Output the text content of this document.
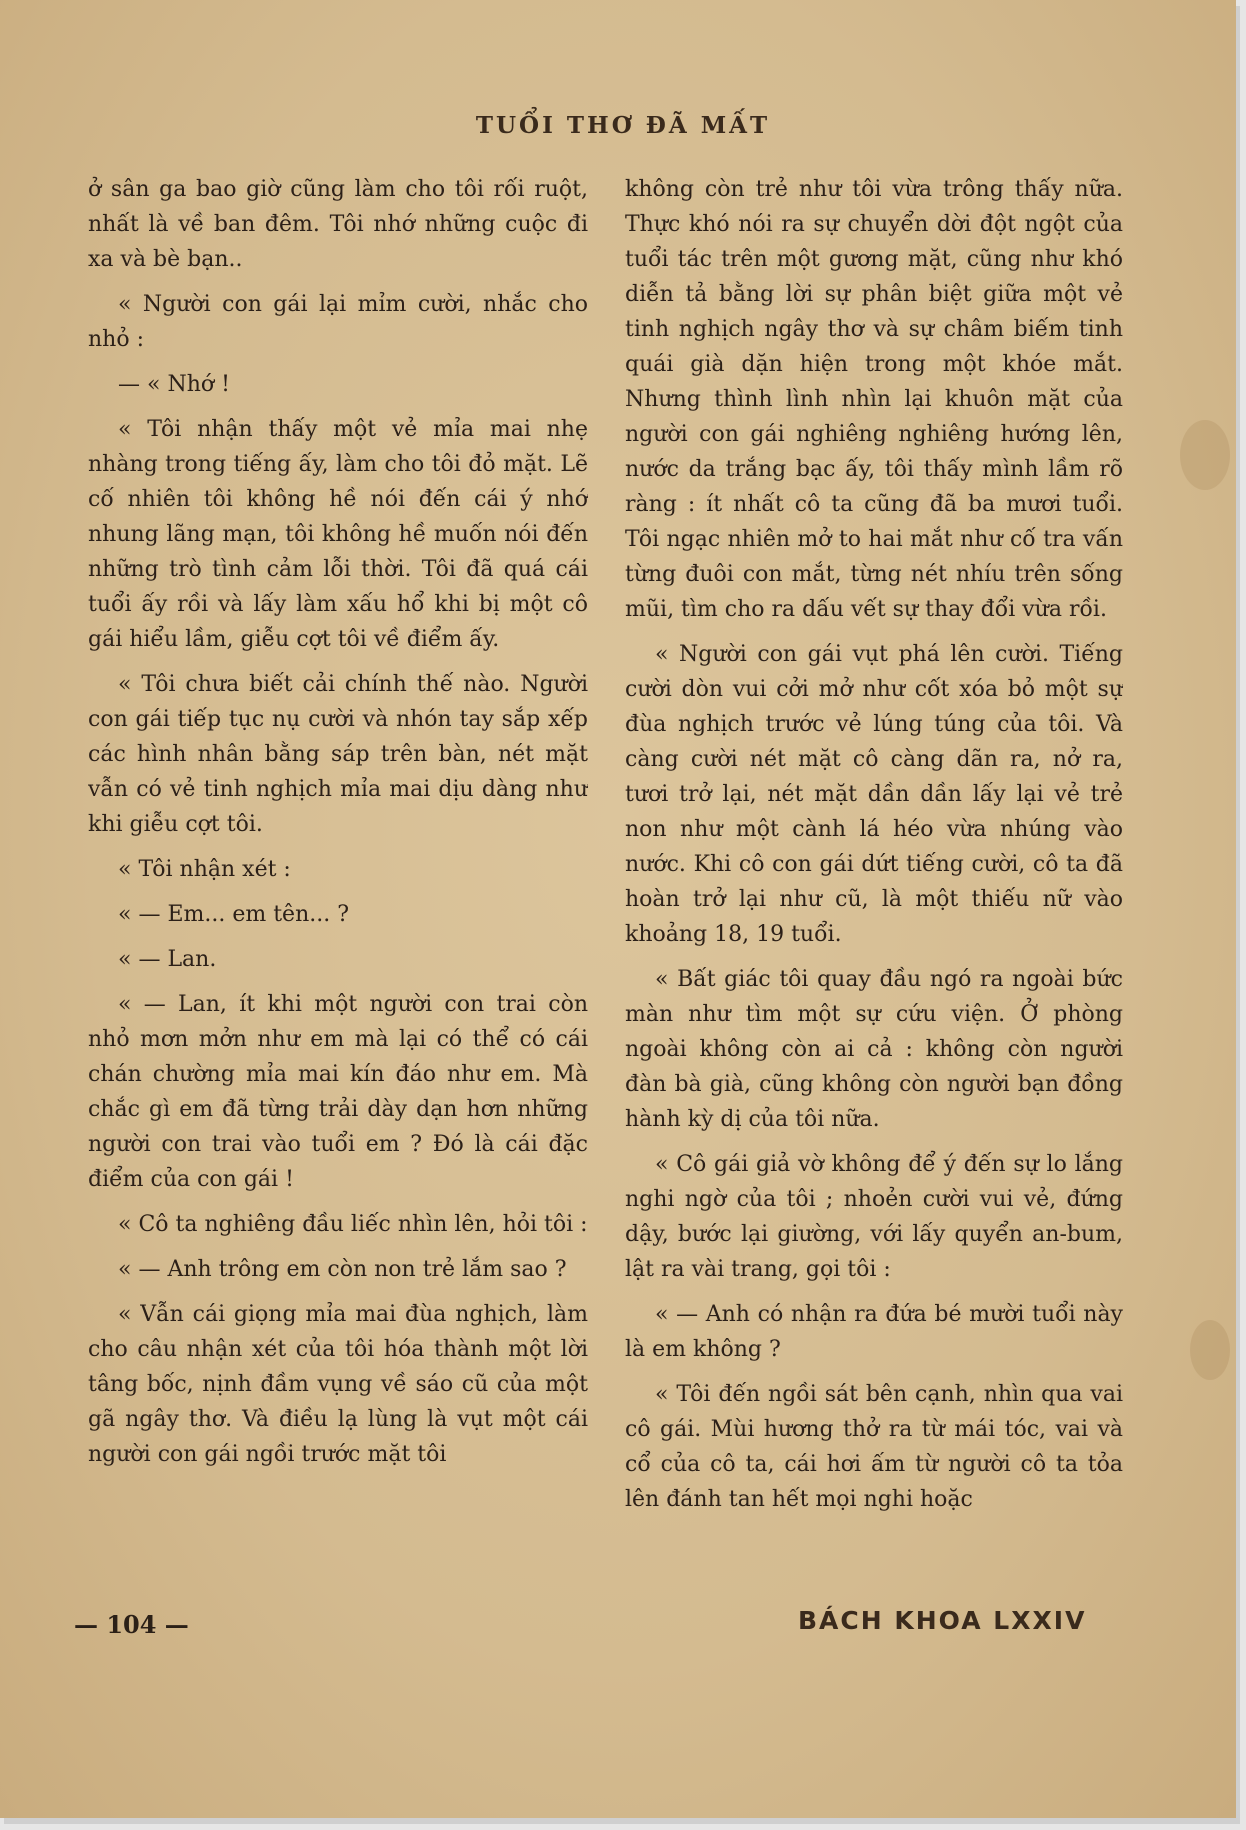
TUỔI THƠ ĐÃ MẤT

ở sân ga bao giờ cũng làm cho tôi rối ruột, nhất là về ban đêm. Tôi nhớ những cuộc đi xa và bè bạn..

« Người con gái lại mỉm cười, nhắc cho nhỏ :

— « Nhớ !

« Tôi nhận thấy một vẻ mỉa mai nhẹ nhàng trong tiếng ấy, làm cho tôi đỏ mặt. Lẽ cố nhiên tôi không hề nói đến cái ý nhớ nhung lãng mạn, tôi không hề muốn nói đến những trò tình cảm lỗi thời. Tôi đã quá cái tuổi ấy rồi và lấy làm xấu hổ khi bị một cô gái hiểu lầm, giễu cợt tôi về điểm ấy.

« Tôi chưa biết cải chính thế nào. Người con gái tiếp tục nụ cười và nhón tay sắp xếp các hình nhân bằng sáp trên bàn, nét mặt vẫn có vẻ tinh nghịch mỉa mai dịu dàng như khi giễu cợt tôi.

« Tôi nhận xét :

« — Em... em tên... ?

« — Lan.

« — Lan, ít khi một người con trai còn nhỏ mơn mởn như em mà lại có thể có cái chán chường mỉa mai kín đáo như em. Mà chắc gì em đã từng trải dày dạn hơn những người con trai vào tuổi em ? Đó là cái đặc điểm của con gái !

« Cô ta nghiêng đầu liếc nhìn lên, hỏi tôi :

« — Anh trông em còn non trẻ lắm sao ?

« Vẫn cái giọng mỉa mai đùa nghịch, làm cho câu nhận xét của tôi hóa thành một lời tâng bốc, nịnh đầm vụng về sáo cũ của một gã ngây thơ. Và điều lạ lùng là vụt một cái người con gái ngồi trước mặt tôi

không còn trẻ như tôi vừa trông thấy nữa. Thực khó nói ra sự chuyển dời đột ngột của tuổi tác trên một gương mặt, cũng như khó diễn tả bằng lời sự phân biệt giữa một vẻ tinh nghịch ngây thơ và sự châm biếm tinh quái già dặn hiện trong một khóe mắt. Nhưng thình lình nhìn lại khuôn mặt của người con gái nghiêng nghiêng hướng lên, nước da trắng bạc ấy, tôi thấy mình lầm rõ ràng : ít nhất cô ta cũng đã ba mươi tuổi. Tôi ngạc nhiên mở to hai mắt như cố tra vấn từng đuôi con mắt, từng nét nhíu trên sống mũi, tìm cho ra dấu vết sự thay đổi vừa rồi.

« Người con gái vụt phá lên cười. Tiếng cười dòn vui cởi mở như cốt xóa bỏ một sự đùa nghịch trước vẻ lúng túng của tôi. Và càng cười nét mặt cô càng dãn ra, nở ra, tươi trở lại, nét mặt dần dần lấy lại vẻ trẻ non như một cành lá héo vừa nhúng vào nước. Khi cô con gái dứt tiếng cười, cô ta đã hoàn trở lại như cũ, là một thiếu nữ vào khoảng 18, 19 tuổi.

« Bất giác tôi quay đầu ngó ra ngoài bức màn như tìm một sự cứu viện. Ở phòng ngoài không còn ai cả : không còn người đàn bà già, cũng không còn người bạn đồng hành kỳ dị của tôi nữa.

« Cô gái giả vờ không để ý đến sự lo lắng nghi ngờ của tôi ; nhoẻn cười vui vẻ, đứng dậy, bước lại giường, với lấy quyển an-bum, lật ra vài trang, gọi tôi :

« — Anh có nhận ra đứa bé mười tuổi này là em không ?

« Tôi đến ngồi sát bên cạnh, nhìn qua vai cô gái. Mùi hương thở ra từ mái tóc, vai và cổ của cô ta, cái hơi ấm từ người cô ta tỏa lên đánh tan hết mọi nghi hoặc

— 104 —	BÁCH KHOA LXXIV
